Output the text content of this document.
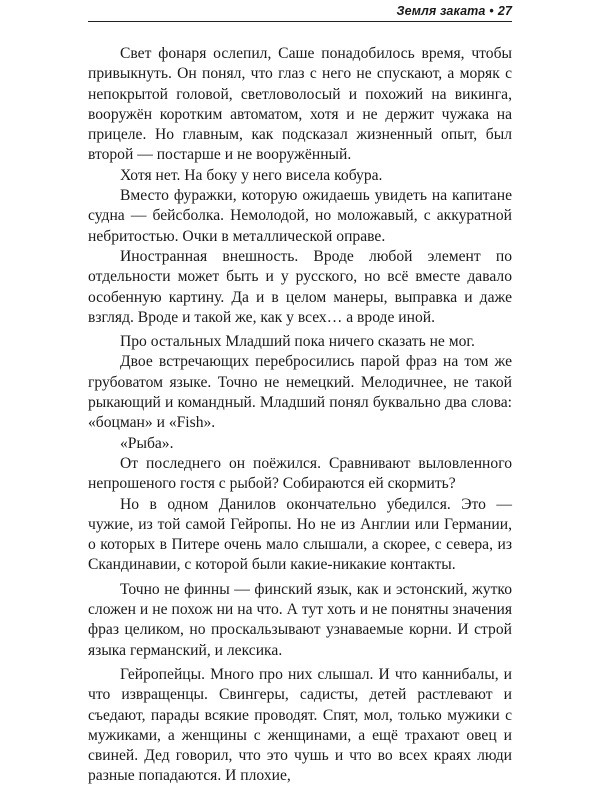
Земля заката • 27

Свет фонаря ослепил, Саше понадобилось время, чтобы привыкнуть. Он понял, что глаз с него не спускают, а моряк с непокрытой головой, светловолосый и похожий на викинга, вооружён коротким автоматом, хотя и не держит чужака на прицеле. Но главным, как подсказал жизненный опыт, был второй — постарше и не вооружённый.

Хотя нет. На боку у него висела кобура.

Вместо фуражки, которую ожидаешь увидеть на капитане судна — бейсболка. Немолодой, но моложавый, с аккуратной небритостью. Очки в металлической оправе.

Иностранная внешность. Вроде любой элемент по отдельности может быть и у русского, но всё вместе давало особенную картину. Да и в целом манеры, выправка и даже взгляд. Вроде и такой же, как у всех… а вроде иной.

Про остальных Младший пока ничего сказать не мог.

Двое встречающих перебросились парой фраз на том же грубоватом языке. Точно не немецкий. Мелодичнее, не такой рыкающий и командный. Младший понял буквально два слова: «боцман» и «Fish».

«Рыба».

От последнего он поёжился. Сравнивают выловленного непрошеного гостя с рыбой? Собираются ей скормить?

Но в одном Данилов окончательно убедился. Это — чужие, из той самой Гейропы. Но не из Англии или Германии, о которых в Питере очень мало слышали, а скорее, с севера, из Скандинавии, с которой были какие-никакие контакты.

Точно не финны — финский язык, как и эстонский, жутко сложен и не похож ни на что. А тут хоть и не понятны значения фраз целиком, но проскальзывают узнаваемые корни. И строй языка германский, и лексика.

Гейропейцы. Много про них слышал. И что каннибалы, и что извращенцы. Свингеры, садисты, детей растлевают и съедают, парады всякие проводят. Спят, мол, только мужики с мужиками, а женщины с женщинами, а ещё трахают овец и свиней. Дед говорил, что это чушь и что во всех краях люди разные попадаются. И плохие,
